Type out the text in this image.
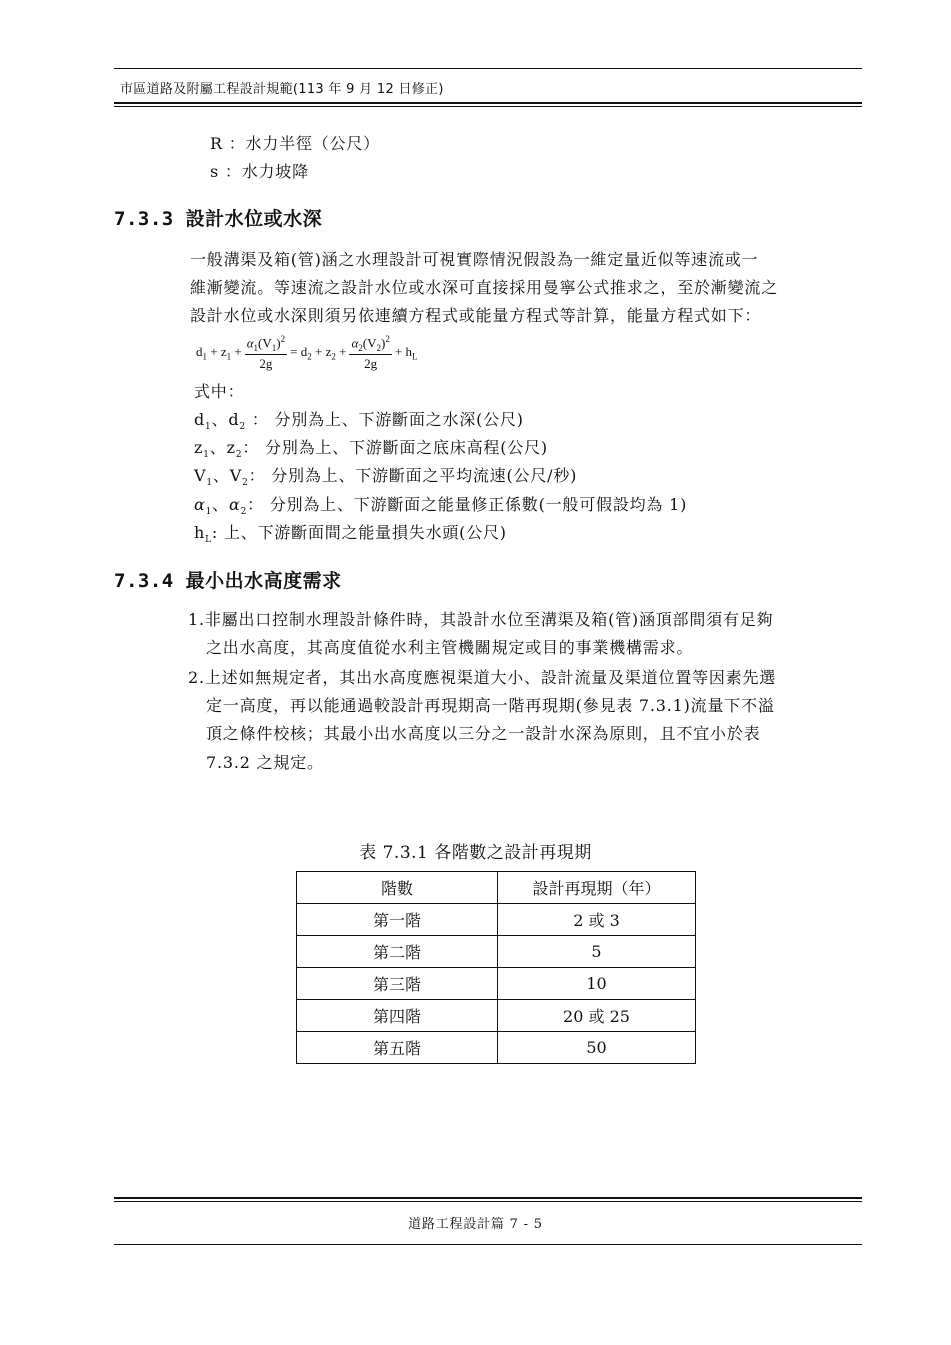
市區道路及附屬工程設計規範(113 年 9 月 12 日修正)
R ：水力半徑（公尺）
s ：水力坡降
7.3.3 設計水位或水深
一般溝渠及箱(管)涵之水理設計可視實際情況假設為一維定量近似等速流或一
維漸變流。等速流之設計水位或水深可直接採用曼寧公式推求之，至於漸變流之
設計水位或水深則須另依連續方程式或能量方程式等計算，能量方程式如下：
$d_1 + z_1 + \frac{\alpha_1(V_1)^2}{2g} = d_2 + z_2 + \frac{\alpha_2(V_2)^2}{2g} + h_L$
式中：
$d_1$、$d_2$ ： 分別為上、下游斷面之水深(公尺)
$z_1$、$z_2$： 分別為上、下游斷面之底床高程(公尺)
$V_1$、$V_2$： 分別為上、下游斷面之平均流速(公尺/秒)
$\alpha_1$、$\alpha_2$： 分別為上、下游斷面之能量修正係數(一般可假設均為 1)
$h_L$: 上、下游斷面間之能量損失水頭(公尺)
7.3.4 最小出水高度需求
1.非屬出口控制水理設計條件時，其設計水位至溝渠及箱(管)涵頂部間須有足夠
之出水高度，其高度值從水利主管機關規定或目的事業機構需求。
2.上述如無規定者，其出水高度應視渠道大小、設計流量及渠道位置等因素先選
定一高度，再以能通過較設計再現期高一階再現期(參見表 7.3.1)流量下不溢
頂之條件校核；其最小出水高度以三分之一設計水深為原則，且不宜小於表
7.3.2 之規定。
表 7.3.1 各階數之設計再現期
階數	設計再現期（年）
第一階	2 或 3
第二階	5
第三階	10
第四階	20 或 25
第五階	50
道路工程設計篇 7 - 5
